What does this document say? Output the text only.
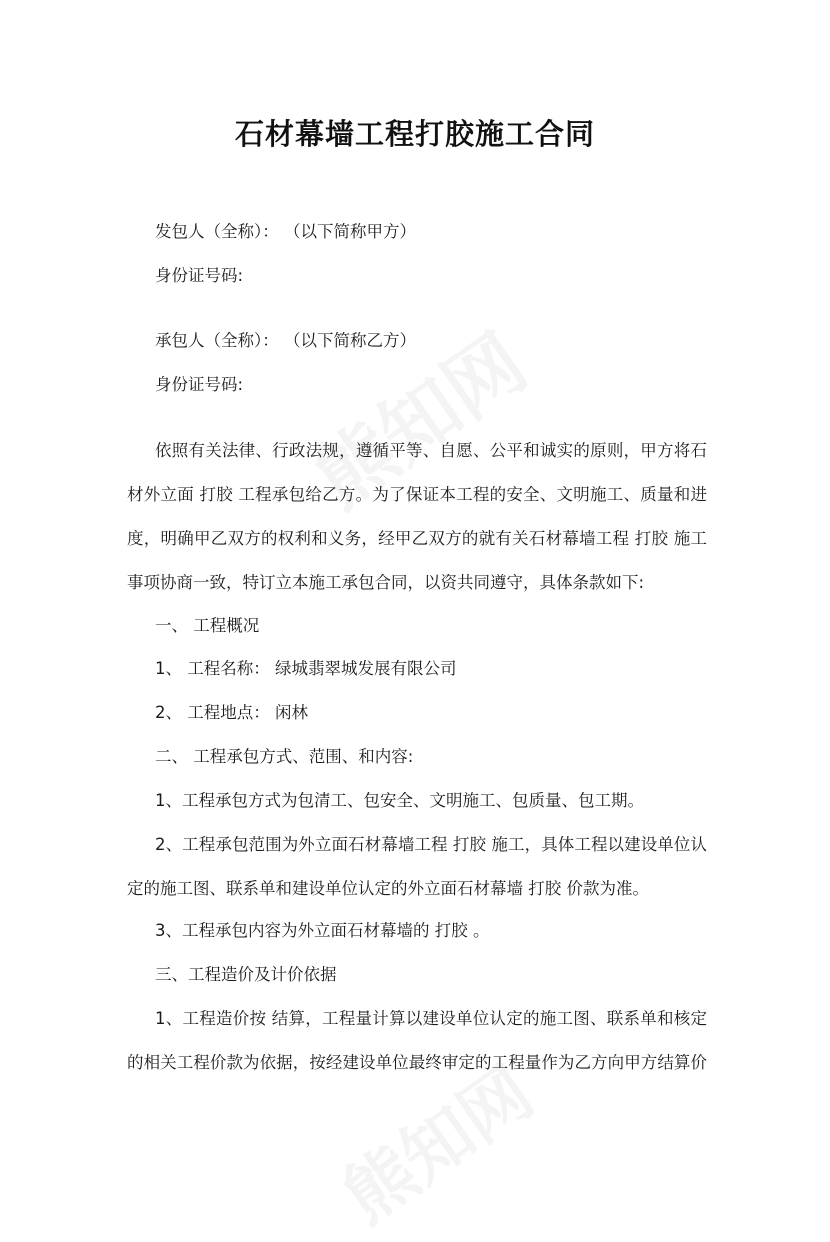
石材幕墙工程打胶施工合同
发包人（全称）： （以下简称甲方）
身份证号码:
承包人（全称）： （以下简称乙方）
身份证号码:
依照有关法律、行政法规，遵循平等、自愿、公平和诚实的原则，甲方将石
材外立面 打胶 工程承包给乙方。为了保证本工程的安全、文明施工、质量和进
度，明确甲乙双方的权利和义务，经甲乙双方的就有关石材幕墙工程 打胶 施工
事项协商一致，特订立本施工承包合同，以资共同遵守，具体条款如下:
一、 工程概况
1、 工程名称： 绿城翡翠城发展有限公司
2、 工程地点： 闲林
二、 工程承包方式、范围、和内容:
1、工程承包方式为包清工、包安全、文明施工、包质量、包工期。
2、工程承包范围为外立面石材幕墙工程 打胶 施工，具体工程以建设单位认
定的施工图、联系单和建设单位认定的外立面石材幕墙 打胶 价款为准。
3、工程承包内容为外立面石材幕墙的 打胶 。
三、工程造价及计价依据
1、工程造价按 结算，工程量计算以建设单位认定的施工图、联系单和核定
的相关工程价款为依据，按经建设单位最终审定的工程量作为乙方向甲方结算价
